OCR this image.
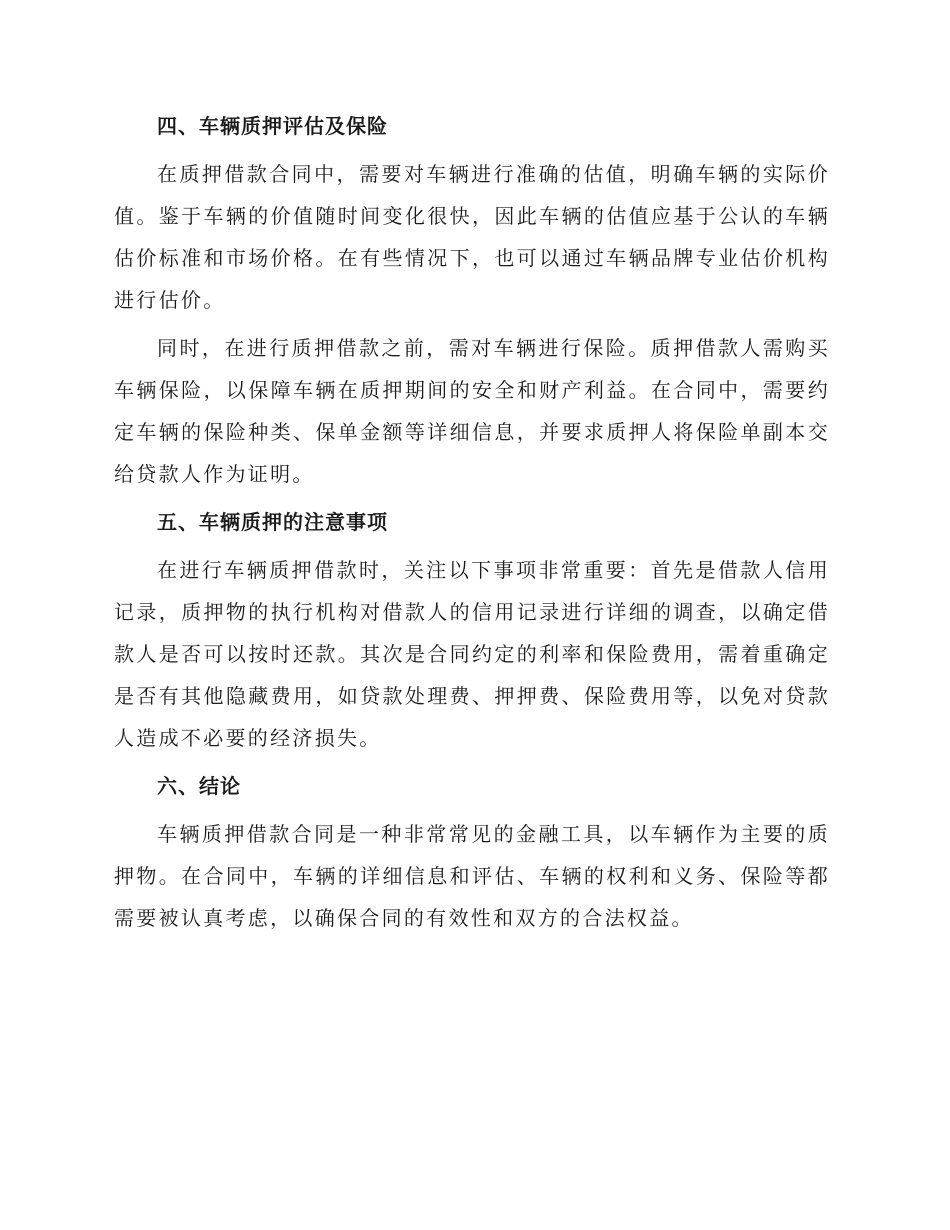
四、车辆质押评估及保险

在质押借款合同中，需要对车辆进行准确的估值，明确车辆的实际价值。鉴于车辆的价值随时间变化很快，因此车辆的估值应基于公认的车辆估价标准和市场价格。在有些情况下，也可以通过车辆品牌专业估价机构进行估价。

同时，在进行质押借款之前，需对车辆进行保险。质押借款人需购买车辆保险，以保障车辆在质押期间的安全和财产利益。在合同中，需要约定车辆的保险种类、保单金额等详细信息，并要求质押人将保险单副本交给贷款人作为证明。

五、车辆质押的注意事项

在进行车辆质押借款时，关注以下事项非常重要：首先是借款人信用记录，质押物的执行机构对借款人的信用记录进行详细的调查，以确定借款人是否可以按时还款。其次是合同约定的利率和保险费用，需着重确定是否有其他隐藏费用，如贷款处理费、押押费、保险费用等，以免对贷款人造成不必要的经济损失。

六、结论

车辆质押借款合同是一种非常常见的金融工具，以车辆作为主要的质押物。在合同中，车辆的详细信息和评估、车辆的权利和义务、保险等都需要被认真考虑，以确保合同的有效性和双方的合法权益。
